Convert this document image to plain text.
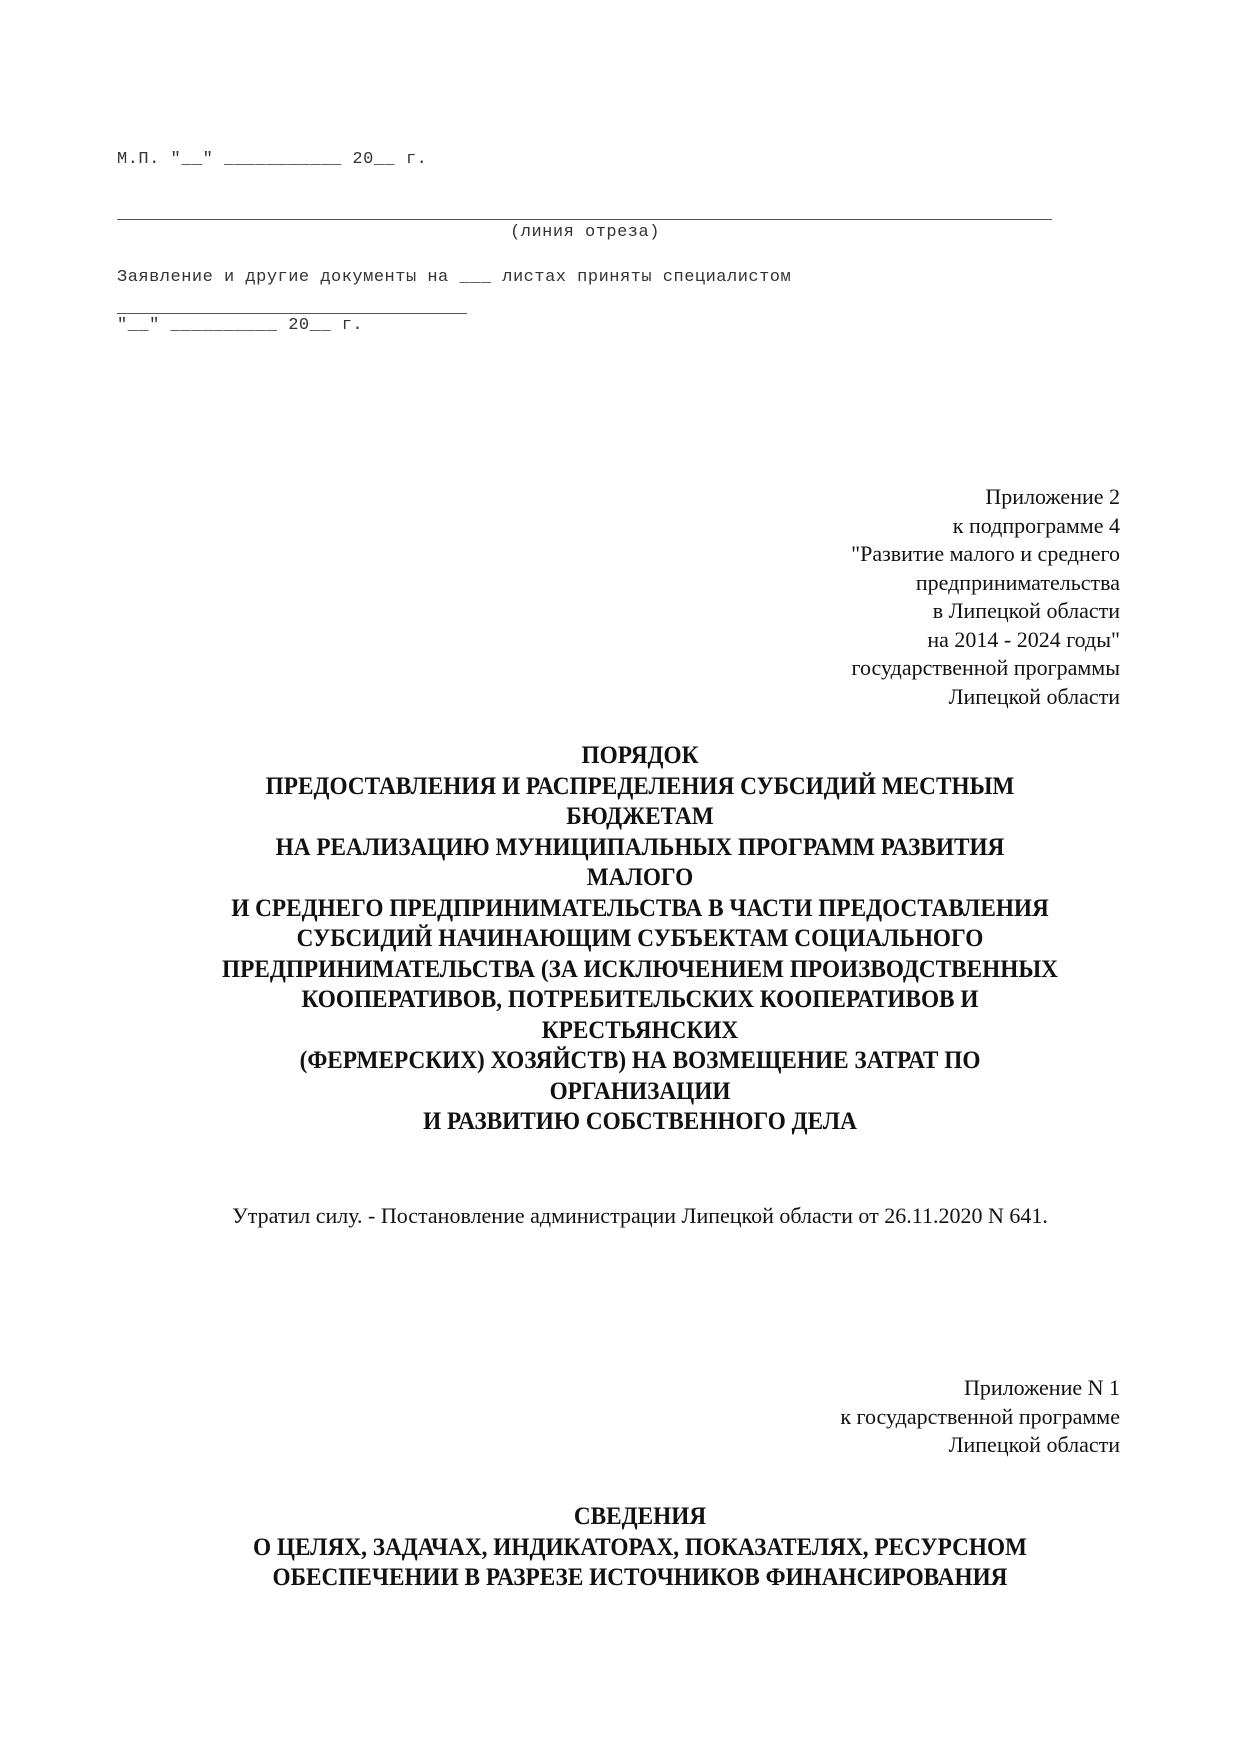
М.П. "__" ___________ 20__ г.
(линия отреза)
Заявление и другие документы на ___ листах приняты специалистом
"__" __________ 20__ г.
Приложение 2
к подпрограмме 4
"Развитие малого и среднего
предпринимательства
в Липецкой области
на 2014 - 2024 годы"
государственной программы
Липецкой области
ПОРЯДОК
ПРЕДОСТАВЛЕНИЯ И РАСПРЕДЕЛЕНИЯ СУБСИДИЙ МЕСТНЫМ
БЮДЖЕТАМ
НА РЕАЛИЗАЦИЮ МУНИЦИПАЛЬНЫХ ПРОГРАММ РАЗВИТИЯ
МАЛОГО
И СРЕДНЕГО ПРЕДПРИНИМАТЕЛЬСТВА В ЧАСТИ ПРЕДОСТАВЛЕНИЯ
СУБСИДИЙ НАЧИНАЮЩИМ СУБЪЕКТАМ СОЦИАЛЬНОГО
ПРЕДПРИНИМАТЕЛЬСТВА (ЗА ИСКЛЮЧЕНИЕМ ПРОИЗВОДСТВЕННЫХ
КООПЕРАТИВОВ, ПОТРЕБИТЕЛЬСКИХ КООПЕРАТИВОВ И
КРЕСТЬЯНСКИХ
(ФЕРМЕРСКИХ) ХОЗЯЙСТВ) НА ВОЗМЕЩЕНИЕ ЗАТРАТ ПО
ОРГАНИЗАЦИИ
И РАЗВИТИЮ СОБСТВЕННОГО ДЕЛА
Утратил силу. - Постановление администрации Липецкой области от 26.11.2020 N 641.
Приложение N 1
к государственной программе
Липецкой области
СВЕДЕНИЯ
О ЦЕЛЯХ, ЗАДАЧАХ, ИНДИКАТОРАХ, ПОКАЗАТЕЛЯХ, РЕСУРСНОМ
ОБЕСПЕЧЕНИИ В РАЗРЕЗЕ ИСТОЧНИКОВ ФИНАНСИРОВАНИЯ
